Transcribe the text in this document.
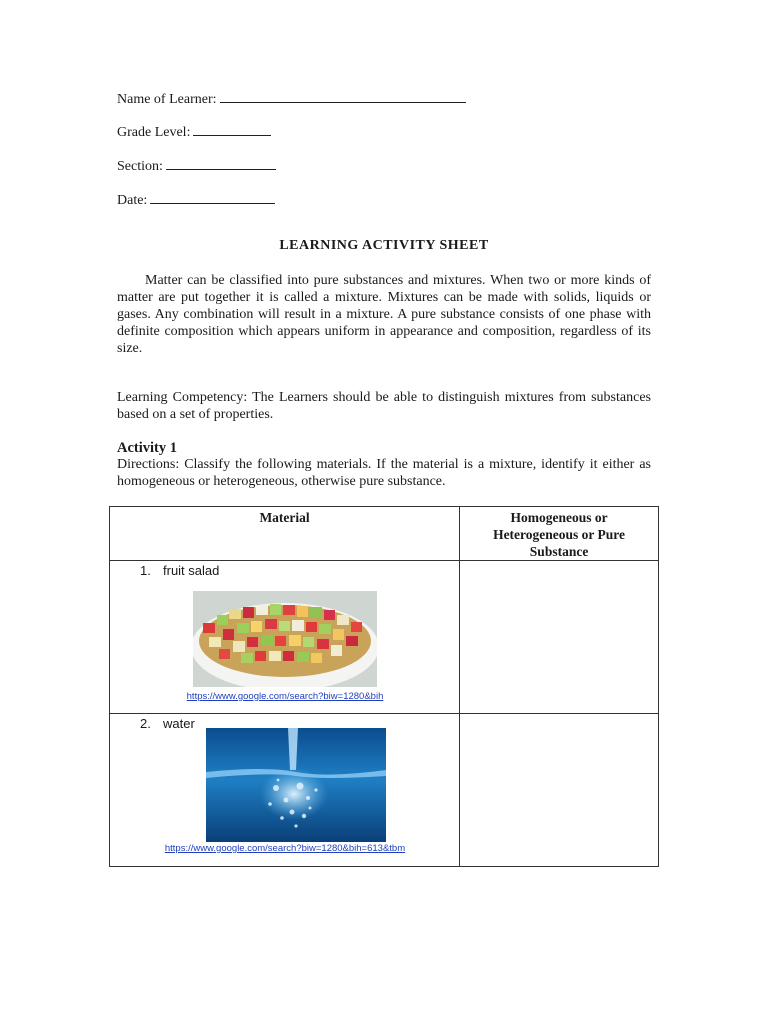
Name of Learner:
Grade Level:
Section:
Date:
LEARNING ACTIVITY SHEET

Matter can be classified into pure substances and mixtures. When two or more kinds of matter are put together it is called a mixture. Mixtures can be made with solids, liquids or gases. Any combination will result in a mixture. A pure substance consists of one phase with definite composition which appears uniform in appearance and composition, regardless of its size.

Learning Competency: The Learners should be able to distinguish mixtures from substances based on a set of properties.

Activity 1

Directions: Classify the following materials. If the material is a mixture, identify it either as homogeneous or heterogeneous, otherwise pure substance.

Material	Homogeneous or Heterogeneous or Pure Substance

1. fruit salad
https://www.google.com/search?biw=1280&bih	

2. water
https://www.google.com/search?biw=1280&bih=613&tbm	
